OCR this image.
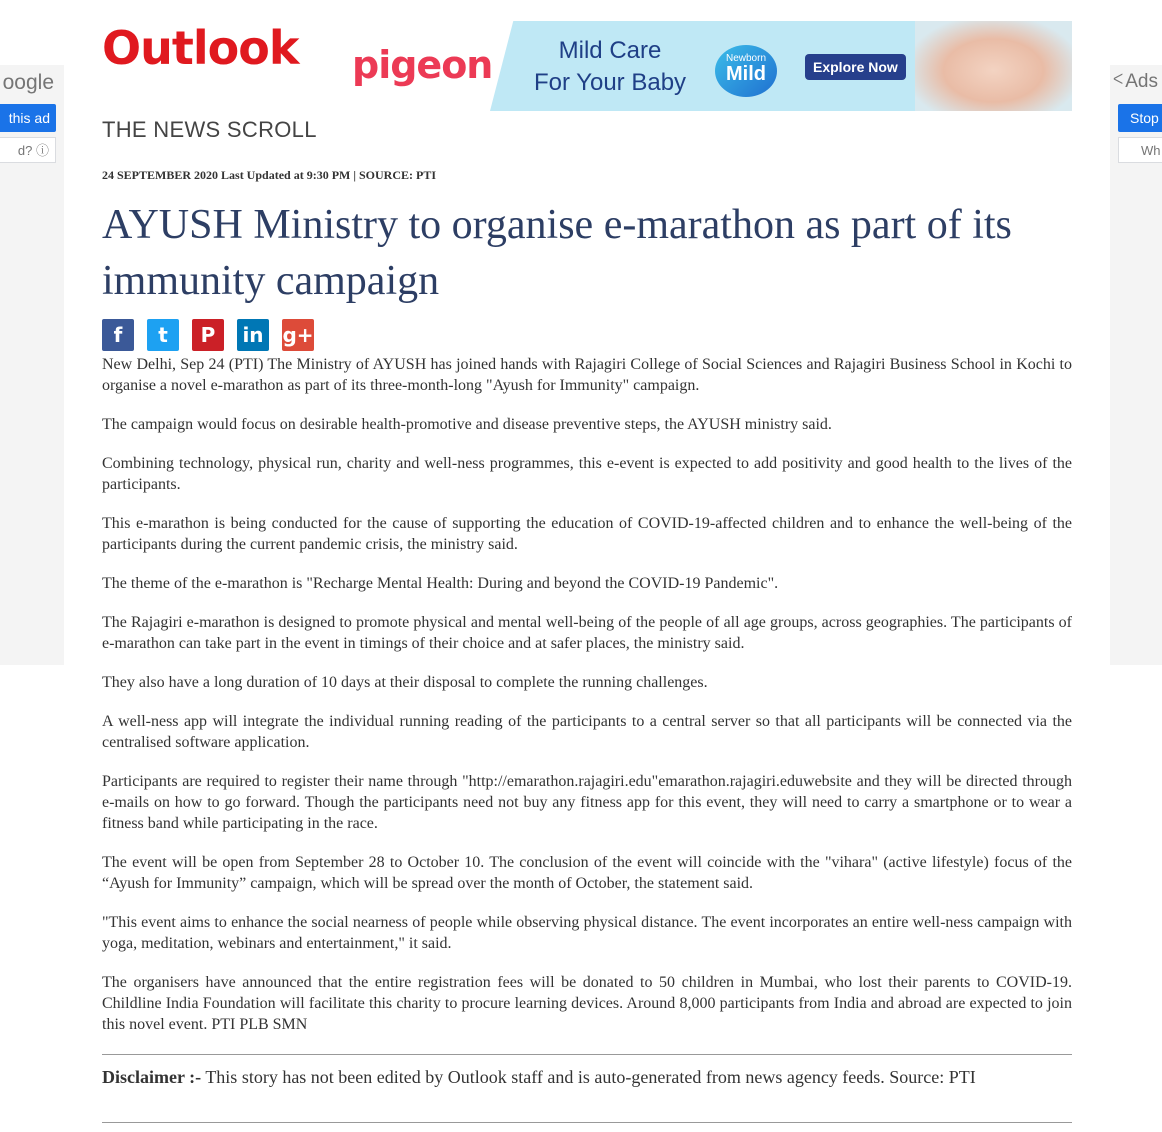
oogle
this ad
d? ⓘ
$^ᐸ$ Ads
Stop
Wh
Outlook pigeon	Mild Care
For Your Baby
Newborn
Mild	Explore Now
THE NEWS SCROLL
24 SEPTEMBER 2020 Last Updated at 9:30 PM | SOURCE: PTI
AYUSH Ministry to organise e-marathon as part of its immunity campaign
f	t	P	in g+

New Delhi, Sep 24 (PTI) The Ministry of AYUSH has joined hands with Rajagiri College of Social Sciences and Rajagiri Business School in Kochi to organise a novel e-marathon as part of its three-month-long "Ayush for Immunity" campaign.

The campaign would focus on desirable health-promotive and disease preventive steps, the AYUSH ministry said.

Combining technology, physical run, charity and well-ness programmes, this e-event is expected to add positivity and good health to the lives of the participants.

This e-marathon is being conducted for the cause of supporting the education of COVID-19-affected children and to enhance the well-being of the participants during the current pandemic crisis, the ministry said.

The theme of the e-marathon is "Recharge Mental Health: During and beyond the COVID-19 Pandemic".

The Rajagiri e-marathon is designed to promote physical and mental well-being of the people of all age groups, across geographies. The participants of e-marathon can take part in the event in timings of their choice and at safer places, the ministry said.

They also have a long duration of 10 days at their disposal to complete the running challenges.

A well-ness app will integrate the individual running reading of the participants to a central server so that all participants will be connected via the centralised software application.

Participants are required to register their name through "http://emarathon.rajagiri.edu"emarathon.rajagiri.eduwebsite and they will be directed through e-mails on how to go forward. Though the participants need not buy any fitness app for this event, they will need to carry a smartphone or to wear a fitness band while participating in the race.

The event will be open from September 28 to October 10. The conclusion of the event will coincide with the "vihara" (active lifestyle) focus of the “Ayush for Immunity” campaign, which will be spread over the month of October, the statement said.

"This event aims to enhance the social nearness of people while observing physical distance. The event incorporates an entire well-ness campaign with yoga, meditation, webinars and entertainment," it said.

The organisers have announced that the entire registration fees will be donated to 50 children in Mumbai, who lost their parents to COVID-19. Childline India Foundation will facilitate this charity to procure learning devices. Around 8,000 participants from India and abroad are expected to join this novel event. PTI PLB SMN

Disclaimer :- This story has not been edited by Outlook staff and is auto-generated from news agency feeds. Source: PTI
